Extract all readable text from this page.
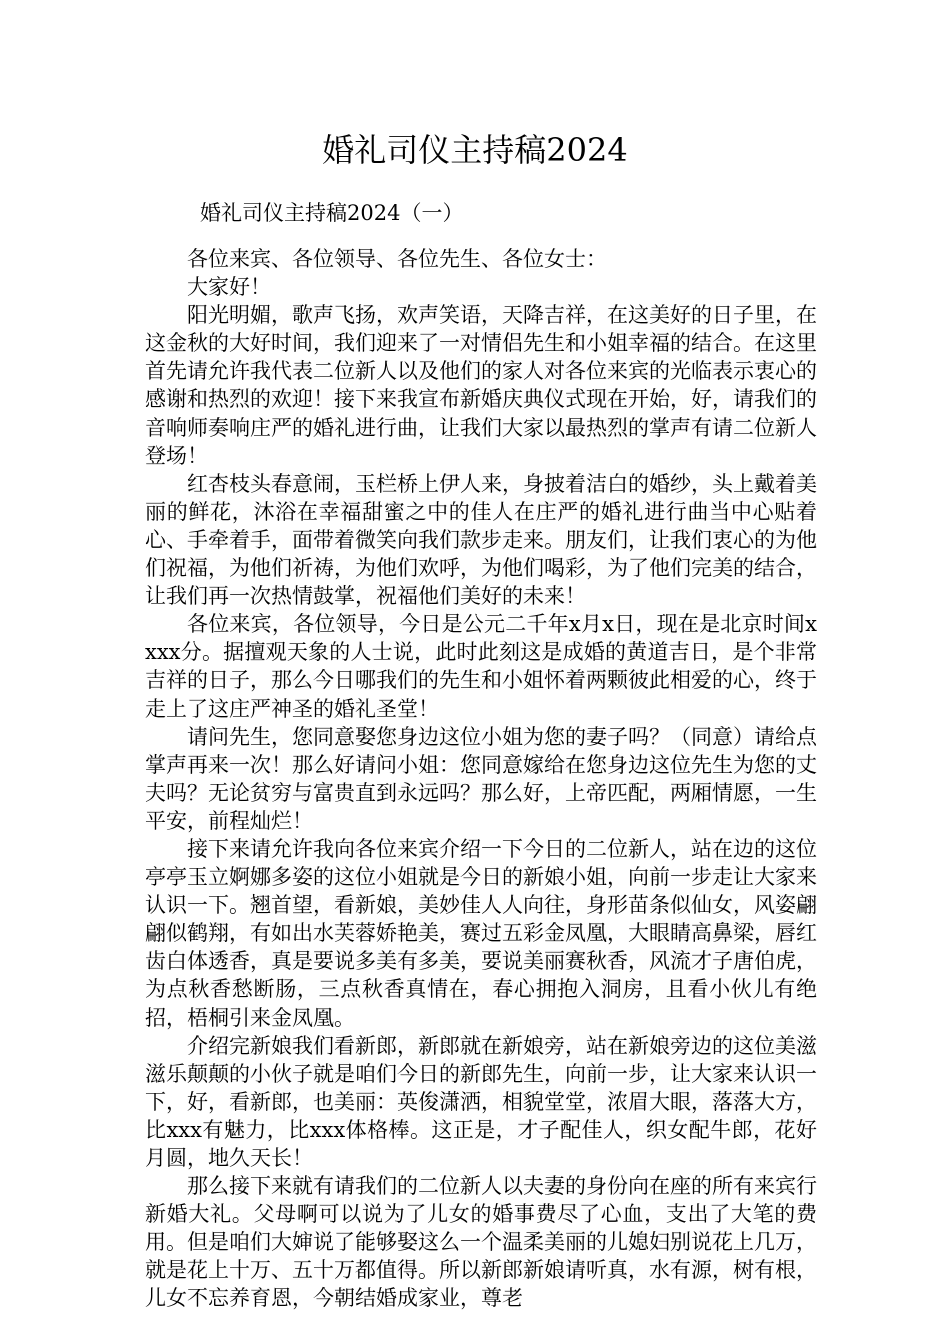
婚礼司仪主持稿2024
婚礼司仪主持稿2024（一）

各位来宾、各位领导、各位先生、各位女士：

大家好！

阳光明媚，歌声飞扬，欢声笑语，天降吉祥，在这美好的日子里，在这金秋的大好时间，我们迎来了一对情侣先生和小姐幸福的结合。在这里首先请允许我代表二位新人以及他们的家人对各位来宾的光临表示衷心的感谢和热烈的欢迎！接下来我宣布新婚庆典仪式现在开始，好，请我们的音响师奏响庄严的婚礼进行曲，让我们大家以最热烈的掌声有请二位新人登场！

红杏枝头春意闹，玉栏桥上伊人来，身披着洁白的婚纱，头上戴着美丽的鲜花，沐浴在幸福甜蜜之中的佳人在庄严的婚礼进行曲当中心贴着心、手牵着手，面带着微笑向我们款步走来。朋友们，让我们衷心的为他们祝福，为他们祈祷，为他们欢呼，为他们喝彩，为了他们完美的结合，让我们再一次热情鼓掌，祝福他们美好的未来！

各位来宾，各位领导，今日是公元二千年x月x日，现在是北京时间xxxx分。据擅观天象的人士说，此时此刻这是成婚的黄道吉日，是个非常吉祥的日子，那么今日哪我们的先生和小姐怀着两颗彼此相爱的心，终于走上了这庄严神圣的婚礼圣堂！

请问先生，您同意娶您身边这位小姐为您的妻子吗？（同意）请给点掌声再来一次！那么好请问小姐：您同意嫁给在您身边这位先生为您的丈夫吗？无论贫穷与富贵直到永远吗？那么好，上帝匹配，两厢情愿，一生平安，前程灿烂！

接下来请允许我向各位来宾介绍一下今日的二位新人，站在边的这位亭亭玉立婀娜多姿的这位小姐就是今日的新娘小姐，向前一步走让大家来认识一下。翘首望，看新娘，美妙佳人人向往，身形苗条似仙女，风姿翩翩似鹤翔，有如出水芙蓉娇艳美，赛过五彩金凤凰，大眼睛高鼻梁，唇红齿白体透香，真是要说多美有多美，要说美丽赛秋香，风流才子唐伯虎，为点秋香愁断肠，三点秋香真情在，春心拥抱入洞房，且看小伙儿有绝招，梧桐引来金凤凰。

介绍完新娘我们看新郎，新郎就在新娘旁，站在新娘旁边的这位美滋滋乐颠颠的小伙子就是咱们今日的新郎先生，向前一步，让大家来认识一下，好，看新郎，也美丽：英俊潇洒，相貌堂堂，浓眉大眼，落落大方，比xxx有魅力，比xxx体格棒。这正是，才子配佳人，织女配牛郎，花好月圆，地久天长！

那么接下来就有请我们的二位新人以夫妻的身份向在座的所有来宾行新婚大礼。父母啊可以说为了儿女的婚事费尽了心血，支出了大笔的费用。但是咱们大婶说了能够娶这么一个温柔美丽的儿媳妇别说花上几万，就是花上十万、五十万都值得。所以新郎新娘请听真，水有源，树有根，儿女不忘养育恩，今朝结婚成家业，尊老
